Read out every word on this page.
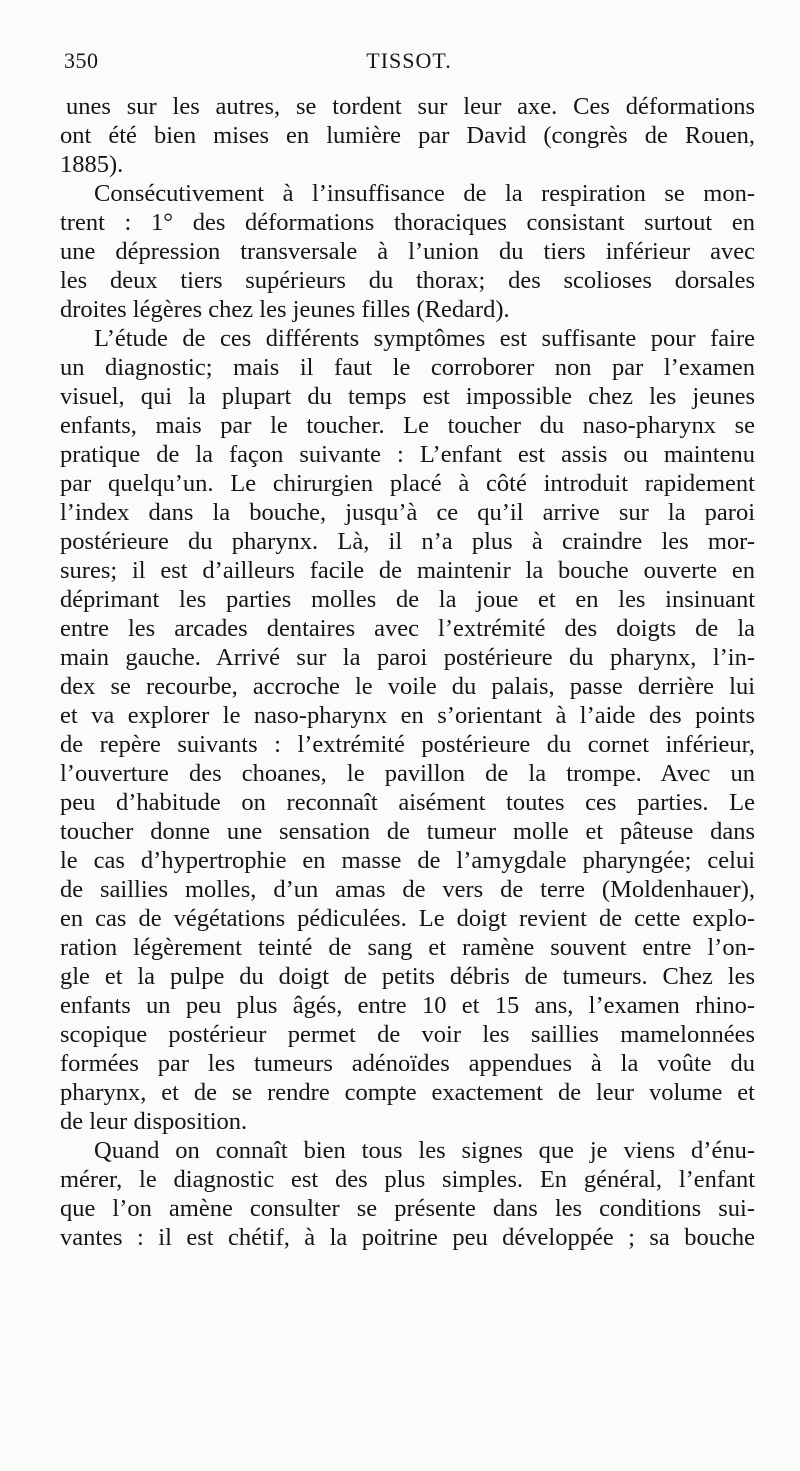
350	TISSOT.
unes sur les autres, se tordent sur leur axe. Ces déformations
ont été bien mises en lumière par David (congrès de Rouen,
1885).
Consécutivement à l’insuffisance de la respiration se mon-
trent : 1° des déformations thoraciques consistant surtout en
une dépression transversale à l’union du tiers inférieur avec
les deux tiers supérieurs du thorax; des scolioses dorsales
droites légères chez les jeunes filles (Redard).
L’étude de ces différents symptômes est suffisante pour faire
un diagnostic; mais il faut le corroborer non par l’examen
visuel, qui la plupart du temps est impossible chez les jeunes
enfants, mais par le toucher. Le toucher du naso-pharynx se
pratique de la façon suivante : L’enfant est assis ou maintenu
par quelqu’un. Le chirurgien placé à côté introduit rapidement
l’index dans la bouche, jusqu’à ce qu’il arrive sur la paroi
postérieure du pharynx. Là, il n’a plus à craindre les mor-
sures; il est d’ailleurs facile de maintenir la bouche ouverte en
déprimant les parties molles de la joue et en les insinuant
entre les arcades dentaires avec l’extrémité des doigts de la
main gauche. Arrivé sur la paroi postérieure du pharynx, l’in-
dex se recourbe, accroche le voile du palais, passe derrière lui
et va explorer le naso-pharynx en s’orientant à l’aide des points
de repère suivants : l’extrémité postérieure du cornet inférieur,
l’ouverture des choanes, le pavillon de la trompe. Avec un
peu d’habitude on reconnaît aisément toutes ces parties. Le
toucher donne une sensation de tumeur molle et pâteuse dans
le cas d’hypertrophie en masse de l’amygdale pharyngée; celui
de saillies molles, d’un amas de vers de terre (Moldenhauer),
en cas de végétations pédiculées. Le doigt revient de cette explo-
ration légèrement teinté de sang et ramène souvent entre l’on-
gle et la pulpe du doigt de petits débris de tumeurs. Chez les
enfants un peu plus âgés, entre 10 et 15 ans, l’examen rhino-
scopique postérieur permet de voir les saillies mamelonnées
formées par les tumeurs adénoïdes appendues à la voûte du
pharynx, et de se rendre compte exactement de leur volume et
de leur disposition.
Quand on connaît bien tous les signes que je viens d’énu-
mérer, le diagnostic est des plus simples. En général, l’enfant
que l’on amène consulter se présente dans les conditions sui-
vantes : il est chétif, à la poitrine peu développée ; sa bouche
